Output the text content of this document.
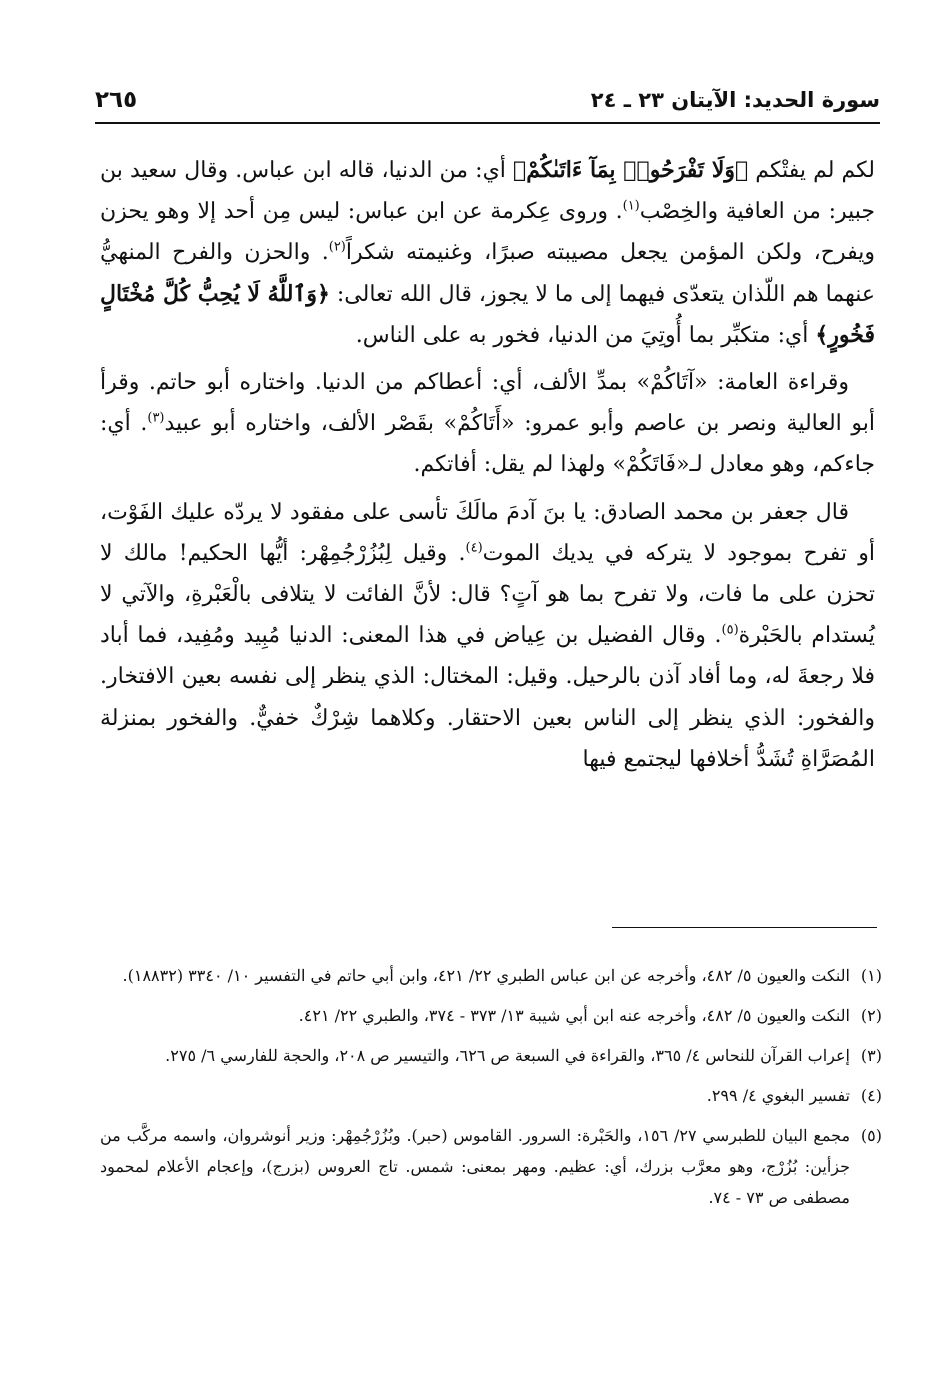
سورة الحديد: الآيتان ٢٣ ـ ٢٤
٢٦٥

لكم لم يفتْكم ﴿وَلَا تَفْرَحُوا۟ بِمَآ ءَاتَىٰكُمْ﴾ أي: من الدنيا، قاله ابن عباس. وقال سعيد بن جبير: من العافية والخِصْب$^{(١)}$. وروى عِكرمة عن ابن عباس: ليس مِن أحد إلا وهو يحزن ويفرح، ولكن المؤمن يجعل مصيبته صبرًا، وغنيمته شكراً$^{(٢)}$. والحزن والفرح المنهيُّ عنهما هم اللّذان يتعدّى فيهما إلى ما لا يجوز، قال الله تعالى: ﴿وَٱللَّهُ لَا يُحِبُّ كُلَّ مُخْتَالٍ فَخُورٍ﴾ أي: متكبِّر بما أُوتِيَ من الدنيا، فخور به على الناس.

وقراءة العامة: «آتَاكُمْ» بمدِّ الألف، أي: أعطاكم من الدنيا. واختاره أبو حاتم. وقرأ أبو العالية ونصر بن عاصم وأبو عمرو: «أَتَاكُمْ» بقَصْر الألف، واختاره أبو عبيد$^{(٣)}$. أي: جاءكم، وهو معادل لـ«فَاتَكُمْ» ولهذا لم يقل: أفاتكم.

قال جعفر بن محمد الصادق: يا بنَ آدمَ مالَكَ تأسى على مفقود لا يردّه عليك الفَوْت، أو تفرح بموجود لا يتركه في يديك الموت$^{(٤)}$. وقيل لِبُزُرْجُمِهْر: أيُّها الحكيم! مالك لا تحزن على ما فات، ولا تفرح بما هو آتٍ؟ قال: لأنَّ الفائت لا يتلافى بالْعَبْرةِ، والآتي لا يُستدام بالحَبْرة$^{(٥)}$. وقال الفضيل بن عِياض في هذا المعنى: الدنيا مُبِيد ومُفِيد، فما أباد فلا رجعةَ له، وما أفاد آذن بالرحيل. وقيل: المختال: الذي ينظر إلى نفسه بعين الافتخار. والفخور: الذي ينظر إلى الناس بعين الاحتقار. وكلاهما شِرْكٌ خفيٌّ. والفخور بمنزلة المُصَرَّاةِ تُشَدُّ أخلافها ليجتمع فيها

(١)
النكت والعيون ٥/ ٤٨٢، وأخرجه عن ابن عباس الطبري ٢٢/ ٤٢١، وابن أبي حاتم في التفسير ١٠/ ٣٣٤٠ (١٨٨٣٢).
(٢)
النكت والعيون ٥/ ٤٨٢، وأخرجه عنه ابن أبي شيبة ١٣/ ٣٧٣ - ٣٧٤، والطبري ٢٢/ ٤٢١.
(٣)
إعراب القرآن للنحاس ٤/ ٣٦٥، والقراءة في السبعة ص ٦٢٦، والتيسير ص ٢٠٨، والحجة للفارسي ٦/ ٢٧٥.
(٤)
تفسير البغوي ٤/ ٢٩٩.
(٥)
مجمع البيان للطبرسي ٢٧/ ١٥٦، والحَبْرة: السرور. القاموس (حبر). وبُزُرْجُمِهْر: وزير أنوشروان، واسمه مركَّب من جزأين: بُزُرْج، وهو معرَّب بزرك، أي: عظيم. ومهر بمعنى: شمس. تاج العروس (بزرج)، وإعجام الأعلام لمحمود مصطفى ص ٧٣ - ٧٤.
